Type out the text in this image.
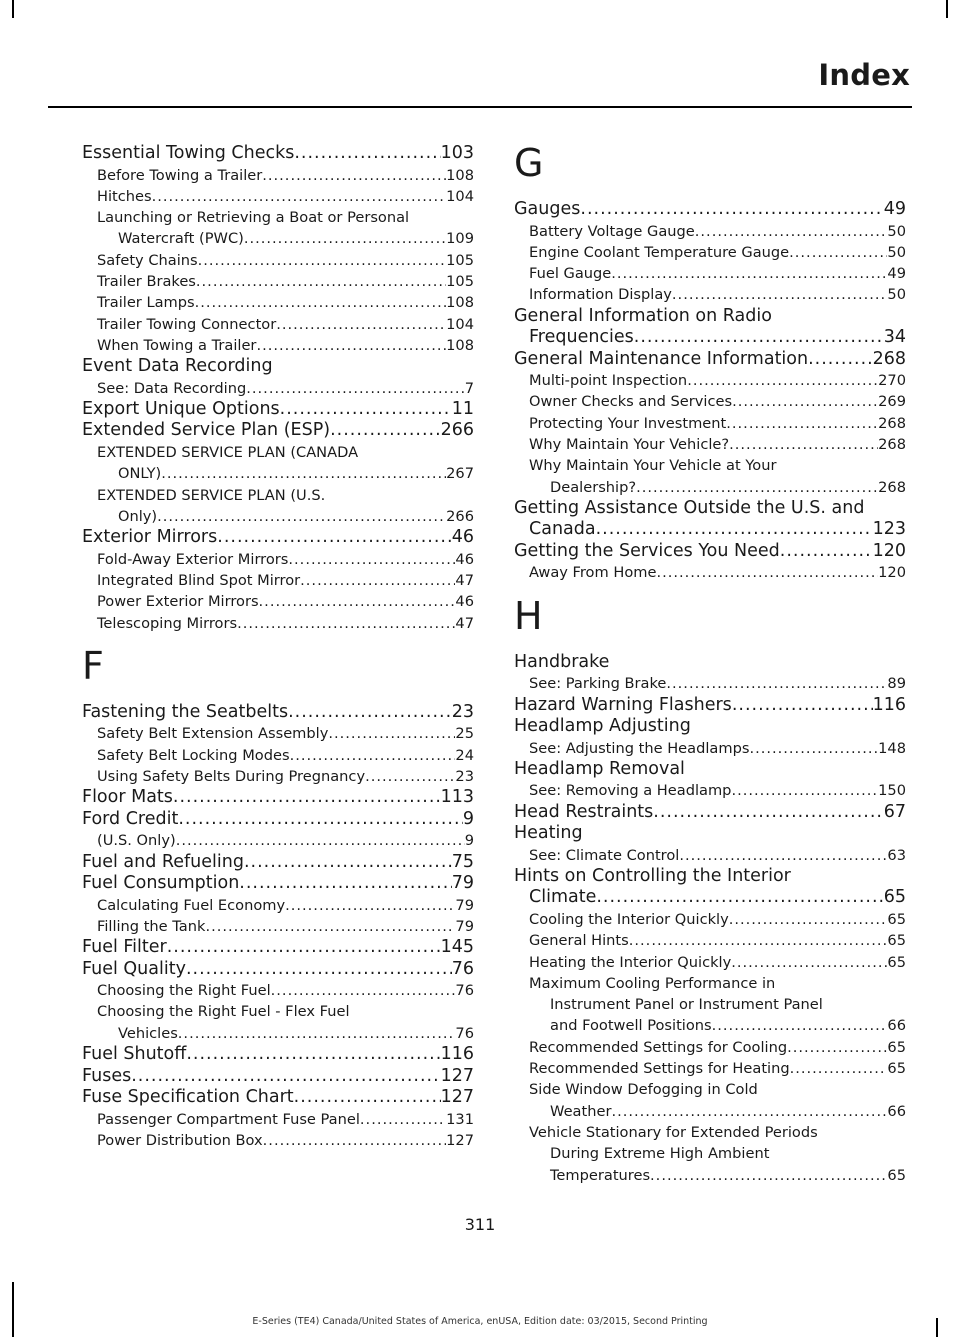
Index
Essential Towing Checks .....	103
Before Towing a Trailer .....	108
Hitches .....	104
Launching or Retrieving a Boat or Personal
Watercraft (PWC) .....	109
Safety Chains .....	105
Trailer Brakes .....	105
Trailer Lamps .....	108
Trailer Towing Connector .....	104
When Towing a Trailer .....	108
Event Data Recording
See: Data Recording .....	7
Export Unique Options .....	11
Extended Service Plan (ESP) .....	266
EXTENDED SERVICE PLAN (CANADA
ONLY) .....	267
EXTENDED SERVICE PLAN (U.S.
Only) .....	266
Exterior Mirrors .....	46
Fold-Away Exterior Mirrors .....	46
Integrated Blind Spot Mirror .....	47
Power Exterior Mirrors .....	46
Telescoping Mirrors .....	47
F
Fastening the Seatbelts .....	23
Safety Belt Extension Assembly .....	25
Safety Belt Locking Modes .....	24
Using Safety Belts During Pregnancy .....	23
Floor Mats .....	113
Ford Credit .....	9
(U.S. Only) .....	9
Fuel and Refueling .....	75
Fuel Consumption .....	79
Calculating Fuel Economy .....	79
Filling the Tank .....	79
Fuel Filter .....	145
Fuel Quality .....	76
Choosing the Right Fuel .....	76
Choosing the Right Fuel - Flex Fuel
Vehicles .....	76
Fuel Shutoff .....	116
Fuses .....	127
Fuse Specification Chart .....	127
Passenger Compartment Fuse Panel .....	131
Power Distribution Box .....	127
G
Gauges .....	49
Battery Voltage Gauge .....	50
Engine Coolant Temperature Gauge .....	50
Fuel Gauge .....	49
Information Display .....	50
General Information on Radio
Frequencies .....	34
General Maintenance Information .....	268
Multi-point Inspection .....	270
Owner Checks and Services .....	269
Protecting Your Investment .....	268
Why Maintain Your Vehicle? .....	268
Why Maintain Your Vehicle at Your
Dealership? .....	268
Getting Assistance Outside the U.S. and
Canada .....	123
Getting the Services You Need .....	120
Away From Home .....	120
H
Handbrake
See: Parking Brake .....	89
Hazard Warning Flashers .....	116
Headlamp Adjusting
See: Adjusting the Headlamps .....	148
Headlamp Removal
See: Removing a Headlamp .....	150
Head Restraints .....	67
Heating
See: Climate Control .....	63
Hints on Controlling the Interior
Climate .....	65
Cooling the Interior Quickly .....	65
General Hints .....	65
Heating the Interior Quickly .....	65
Maximum Cooling Performance in
Instrument Panel or Instrument Panel
and Footwell Positions .....	66
Recommended Settings for Cooling .....	65
Recommended Settings for Heating .....	65
Side Window Defogging in Cold
Weather .....	66
Vehicle Stationary for Extended Periods
During Extreme High Ambient
Temperatures .....	65
311
E-Series (TE4) Canada/United States of America, enUSA, Edition date: 03/2015, Second Printing
